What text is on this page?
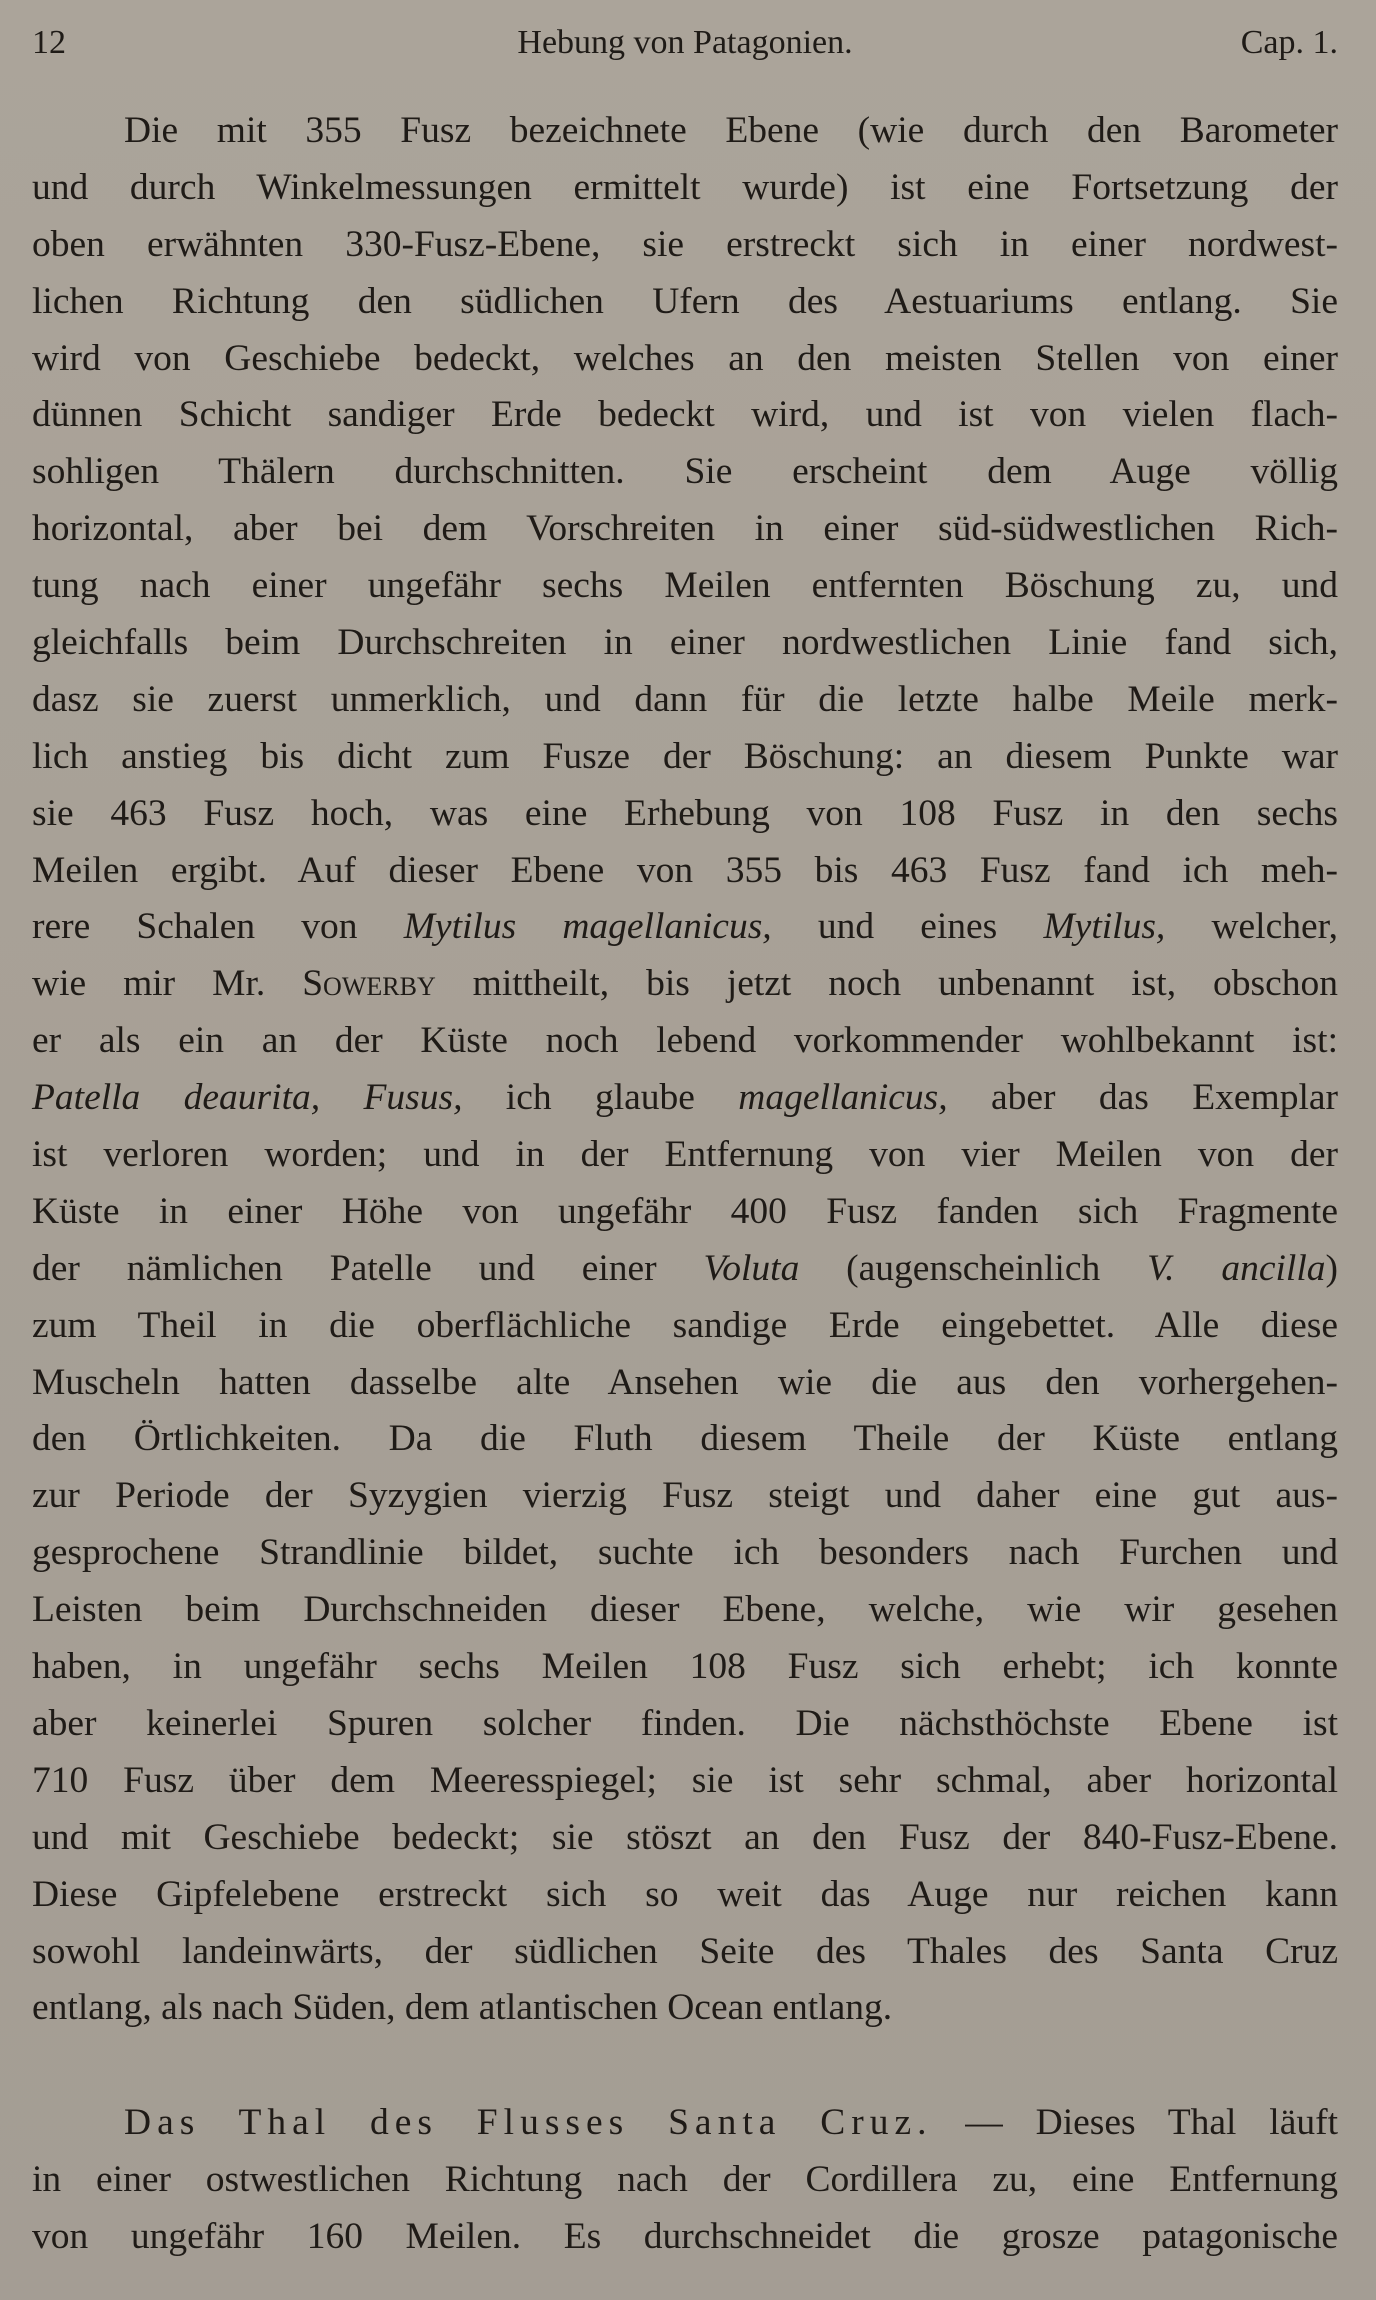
12	Hebung von Patagonien.	Cap. 1.
Die mit 355 Fusz bezeichnete Ebene (wie durch den Barometer
und durch Winkelmessungen ermittelt wurde) ist eine Fortsetzung der
oben erwähnten 330-Fusz-Ebene, sie erstreckt sich in einer nordwest-
lichen Richtung den südlichen Ufern des Aestuariums entlang. Sie
wird von Geschiebe bedeckt, welches an den meisten Stellen von einer
dünnen Schicht sandiger Erde bedeckt wird, und ist von vielen flach-
sohligen Thälern durchschnitten. Sie erscheint dem Auge völlig
horizontal, aber bei dem Vorschreiten in einer süd-südwestlichen Rich-
tung nach einer ungefähr sechs Meilen entfernten Böschung zu, und
gleichfalls beim Durchschreiten in einer nordwestlichen Linie fand sich,
dasz sie zuerst unmerklich, und dann für die letzte halbe Meile merk-
lich anstieg bis dicht zum Fusze der Böschung: an diesem Punkte war
sie 463 Fusz hoch, was eine Erhebung von 108 Fusz in den sechs
Meilen ergibt. Auf dieser Ebene von 355 bis 463 Fusz fand ich meh-
rere Schalen von Mytilus magellanicus, und eines Mytilus, welcher,
wie mir Mr. Sowerby mittheilt, bis jetzt noch unbenannt ist, obschon
er als ein an der Küste noch lebend vorkommender wohlbekannt ist:
Patella deaurita, Fusus, ich glaube magellanicus, aber das Exemplar
ist verloren worden; und in der Entfernung von vier Meilen von der
Küste in einer Höhe von ungefähr 400 Fusz fanden sich Fragmente
der nämlichen Patelle und einer Voluta (augenscheinlich V. ancilla)
zum Theil in die oberflächliche sandige Erde eingebettet. Alle diese
Muscheln hatten dasselbe alte Ansehen wie die aus den vorhergehen-
den Örtlichkeiten. Da die Fluth diesem Theile der Küste entlang
zur Periode der Syzygien vierzig Fusz steigt und daher eine gut aus-
gesprochene Strandlinie bildet, suchte ich besonders nach Furchen und
Leisten beim Durchschneiden dieser Ebene, welche, wie wir gesehen
haben, in ungefähr sechs Meilen 108 Fusz sich erhebt; ich konnte
aber keinerlei Spuren solcher finden. Die nächsthöchste Ebene ist
710 Fusz über dem Meeresspiegel; sie ist sehr schmal, aber horizontal
und mit Geschiebe bedeckt; sie stöszt an den Fusz der 840-Fusz-Ebene.
Diese Gipfelebene erstreckt sich so weit das Auge nur reichen kann
sowohl landeinwärts, der südlichen Seite des Thales des Santa Cruz
entlang, als nach Süden, dem atlantischen Ocean entlang.
Das Thal des Flusses Santa Cruz. — Dieses Thal läuft
in einer ostwestlichen Richtung nach der Cordillera zu, eine Entfernung
von ungefähr 160 Meilen. Es durchschneidet die grosze patagonische
